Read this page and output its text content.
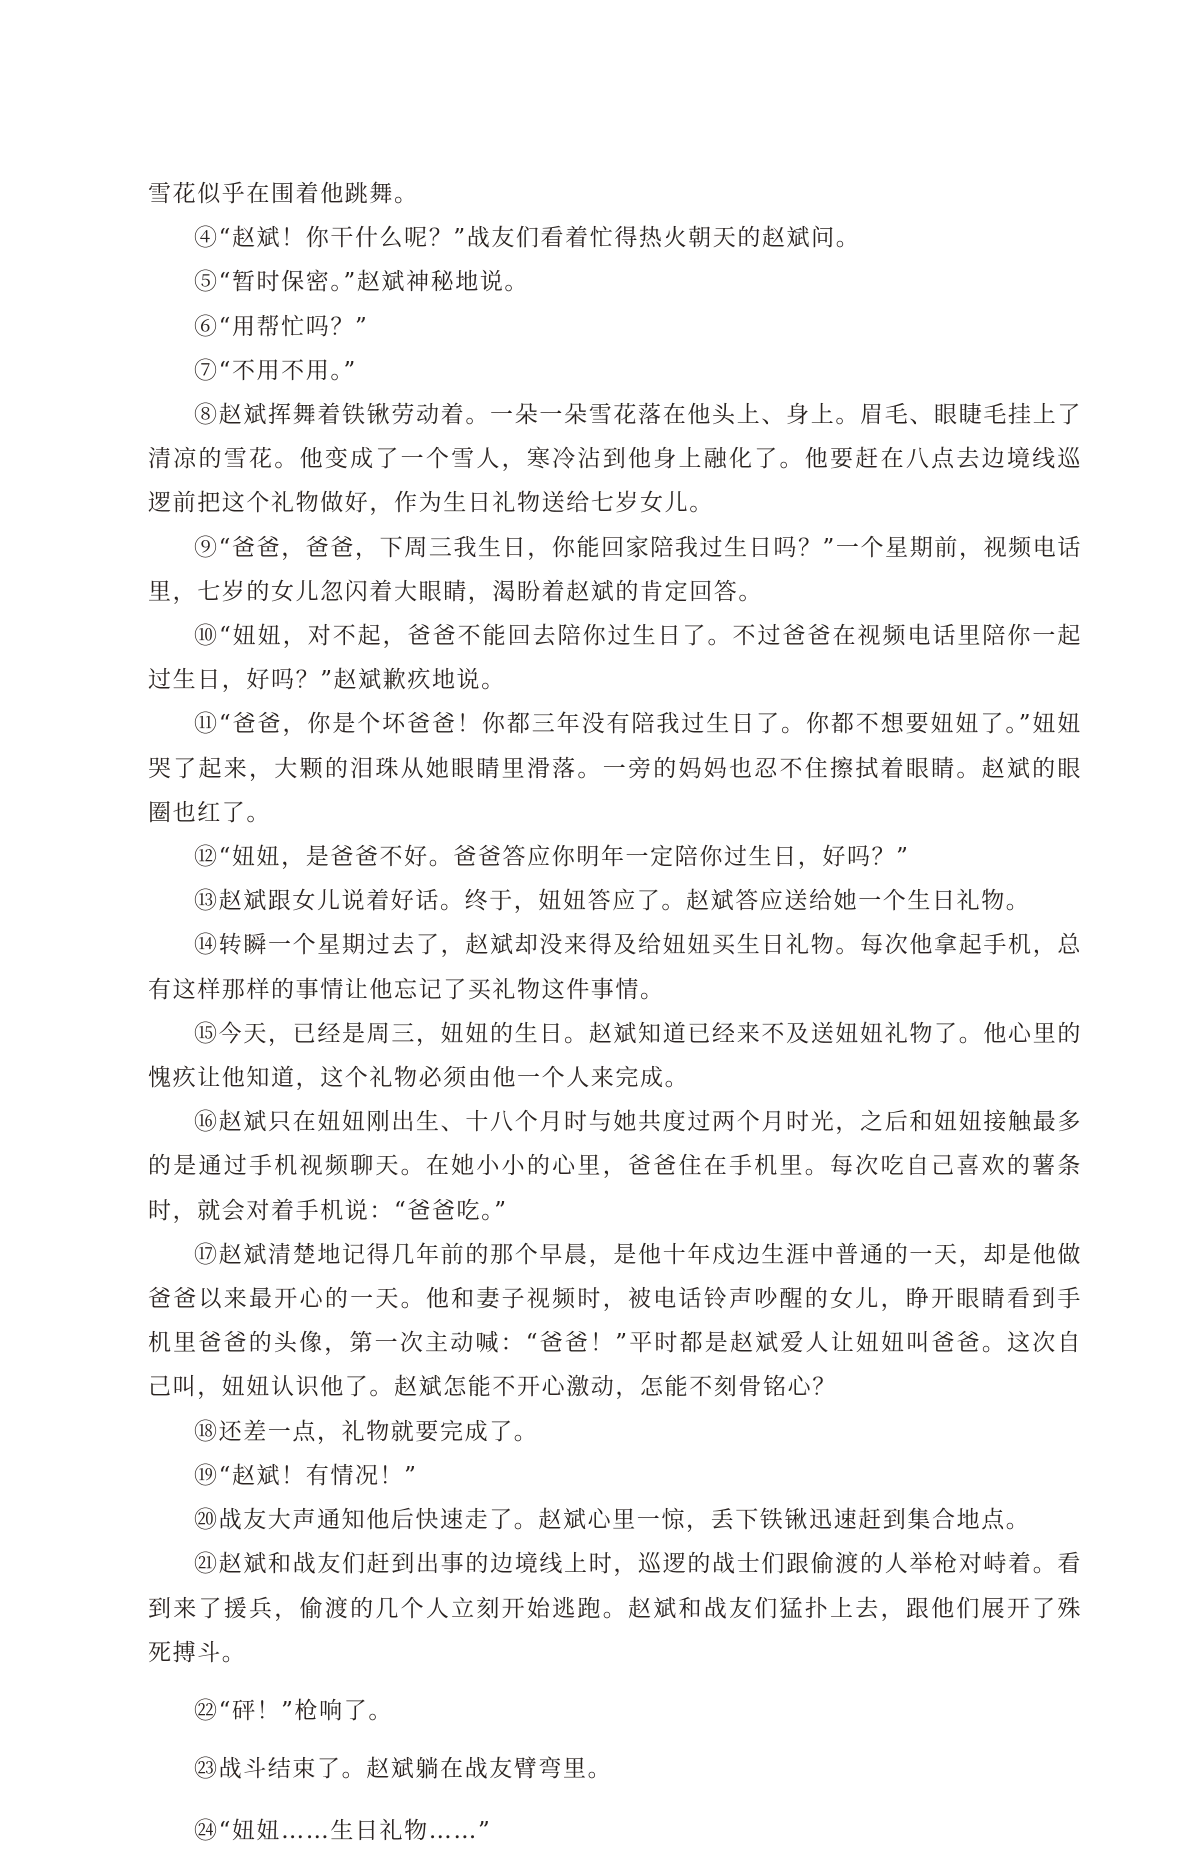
雪花似乎在围着他跳舞。

④“赵斌！你干什么呢？”战友们看着忙得热火朝天的赵斌问。

⑤“暂时保密。”赵斌神秘地说。

⑥“用帮忙吗？”

⑦“不用不用。”

⑧赵斌挥舞着铁锹劳动着。一朵一朵雪花落在他头上、身上。眉毛、眼睫毛挂上了清凉的雪花。他变成了一个雪人，寒冷沾到他身上融化了。他要赶在八点去边境线巡逻前把这个礼物做好，作为生日礼物送给七岁女儿。

⑨“爸爸，爸爸，下周三我生日，你能回家陪我过生日吗？”一个星期前，视频电话里，七岁的女儿忽闪着大眼睛，渴盼着赵斌的肯定回答。

⑩“妞妞，对不起，爸爸不能回去陪你过生日了。不过爸爸在视频电话里陪你一起过生日，好吗？”赵斌歉疚地说。

⑪“爸爸，你是个坏爸爸！你都三年没有陪我过生日了。你都不想要妞妞了。”妞妞哭了起来，大颗的泪珠从她眼睛里滑落。一旁的妈妈也忍不住擦拭着眼睛。赵斌的眼圈也红了。

⑫“妞妞，是爸爸不好。爸爸答应你明年一定陪你过生日，好吗？”

⑬赵斌跟女儿说着好话。终于，妞妞答应了。赵斌答应送给她一个生日礼物。

⑭转瞬一个星期过去了，赵斌却没来得及给妞妞买生日礼物。每次他拿起手机，总有这样那样的事情让他忘记了买礼物这件事情。

⑮今天，已经是周三，妞妞的生日。赵斌知道已经来不及送妞妞礼物了。他心里的愧疚让他知道，这个礼物必须由他一个人来完成。

⑯赵斌只在妞妞刚出生、十八个月时与她共度过两个月时光，之后和妞妞接触最多的是通过手机视频聊天。在她小小的心里，爸爸住在手机里。每次吃自己喜欢的薯条时，就会对着手机说：“爸爸吃。”

⑰赵斌清楚地记得几年前的那个早晨，是他十年戍边生涯中普通的一天，却是他做爸爸以来最开心的一天。他和妻子视频时，被电话铃声吵醒的女儿，睁开眼睛看到手机里爸爸的头像，第一次主动喊：“爸爸！”平时都是赵斌爱人让妞妞叫爸爸。这次自己叫，妞妞认识他了。赵斌怎能不开心激动，怎能不刻骨铭心？

⑱还差一点，礼物就要完成了。

⑲“赵斌！有情况！”

⑳战友大声通知他后快速走了。赵斌心里一惊，丢下铁锹迅速赶到集合地点。

㉑赵斌和战友们赶到出事的边境线上时，巡逻的战士们跟偷渡的人举枪对峙着。看到来了援兵，偷渡的几个人立刻开始逃跑。赵斌和战友们猛扑上去，跟他们展开了殊死搏斗。

㉒“砰！”枪响了。

㉓战斗结束了。赵斌躺在战友臂弯里。

㉔“妞妞……生日礼物……”
